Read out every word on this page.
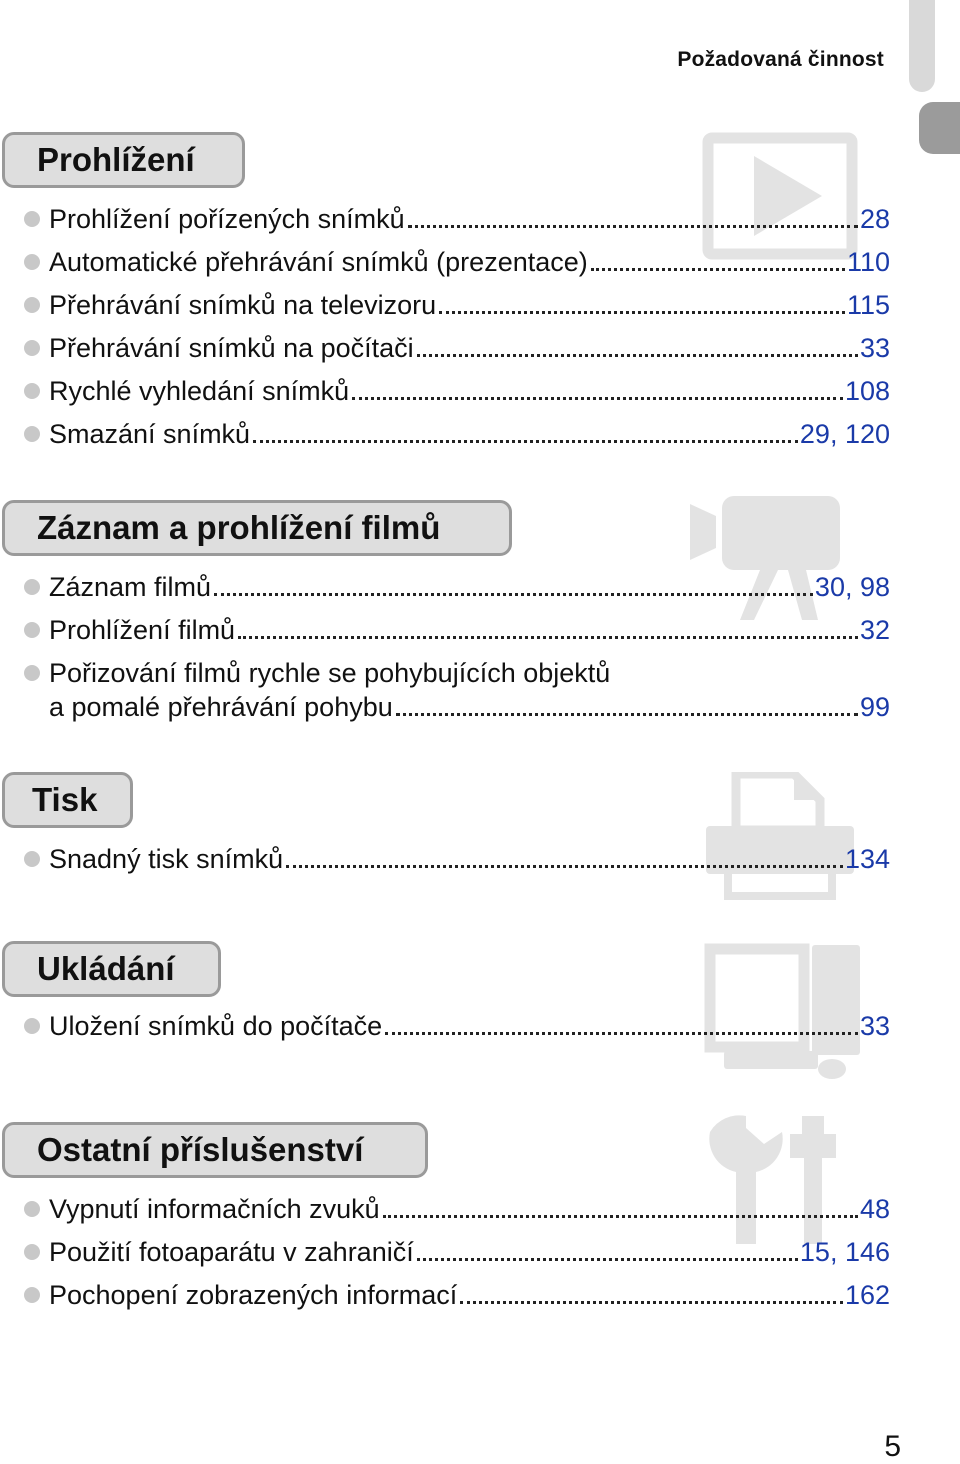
Požadovaná činnost
Prohlížení
Prohlížení pořízených snímků	28
Automatické přehrávání snímků (prezentace)	110
Přehrávání snímků na televizoru	115
Přehrávání snímků na počítači	33
Rychlé vyhledání snímků	108
Smazání snímků	29, 120
Záznam a prohlížení filmů
Záznam filmů	30, 98
Prohlížení filmů	32
Pořizování filmů rychle se pohybujících objektů
a pomalé přehrávání pohybu	99
Tisk
Snadný tisk snímků	134
Ukládání
Uložení snímků do počítače	33
Ostatní příslušenství
Vypnutí informačních zvuků	48
Použití fotoaparátu v zahraničí	15, 146
Pochopení zobrazených informací	162
5
